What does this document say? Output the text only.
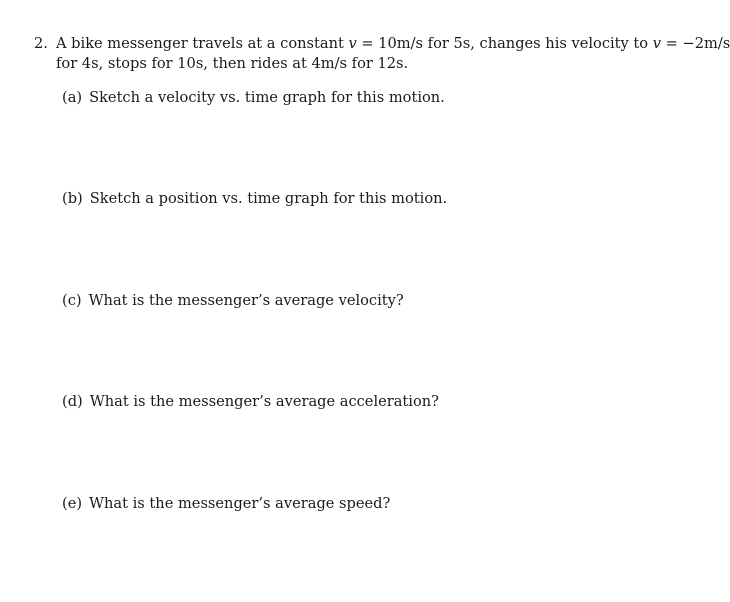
2. A bike messenger travels at a constant v = 10m/s for 5s, changes his velocity to v = −2m/s
for 4s, stops for 10s, then rides at 4m/s for 12s.
(a) Sketch a velocity vs. time graph for this motion.
(b) Sketch a position vs. time graph for this motion.
(c) What is the messenger’s average velocity?
(d) What is the messenger’s average acceleration?
(e) What is the messenger’s average speed?
